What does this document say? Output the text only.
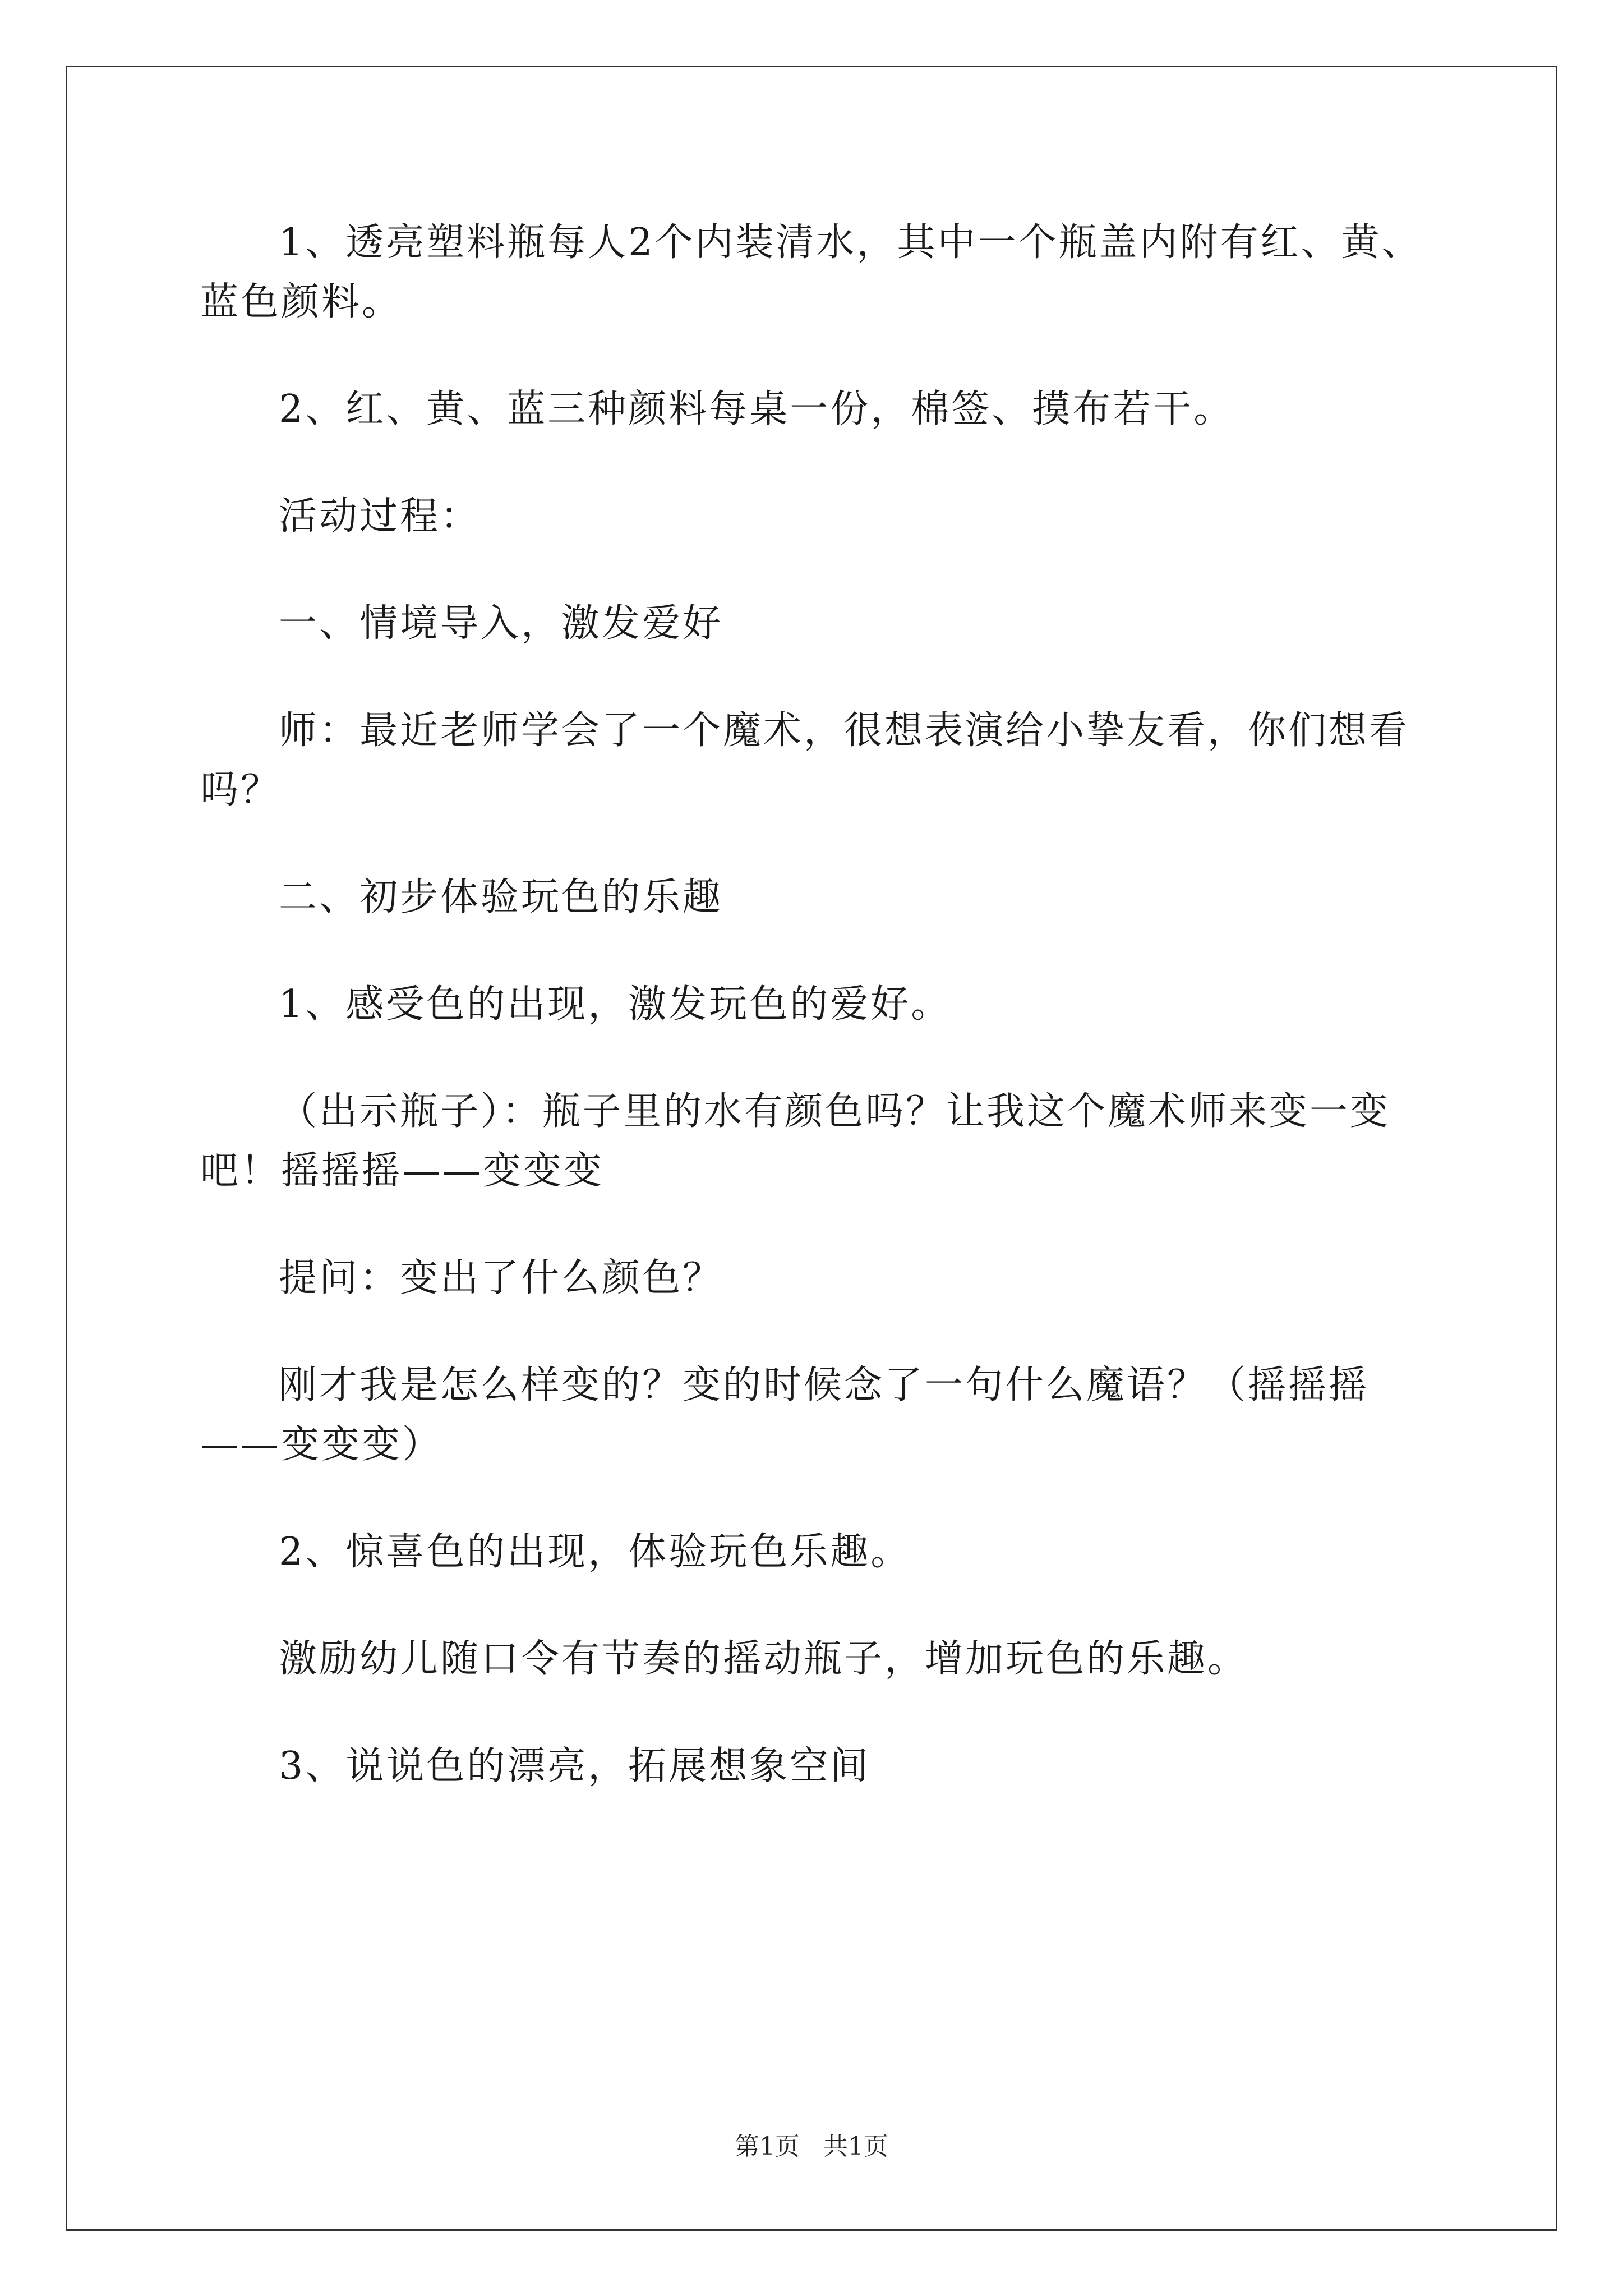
1、透亮塑料瓶每人2个内装清水，其中一个瓶盖内附有红、黄、蓝色颜料。

2、红、黄、蓝三种颜料每桌一份，棉签、摸布若干。

活动过程：

一、情境导入，激发爱好

师：最近老师学会了一个魔术，很想表演给小挚友看，你们想看吗？

二、初步体验玩色的乐趣

1、感受色的出现，激发玩色的爱好。

（出示瓶子）：瓶子里的水有颜色吗？让我这个魔术师来变一变吧！摇摇摇——变变变

提问：变出了什么颜色？

刚才我是怎么样变的？变的时候念了一句什么魔语？（摇摇摇——变变变）

2、惊喜色的出现，体验玩色乐趣。

激励幼儿随口令有节奏的摇动瓶子，增加玩色的乐趣。

3、说说色的漂亮，拓展想象空间

第1页 共1页
